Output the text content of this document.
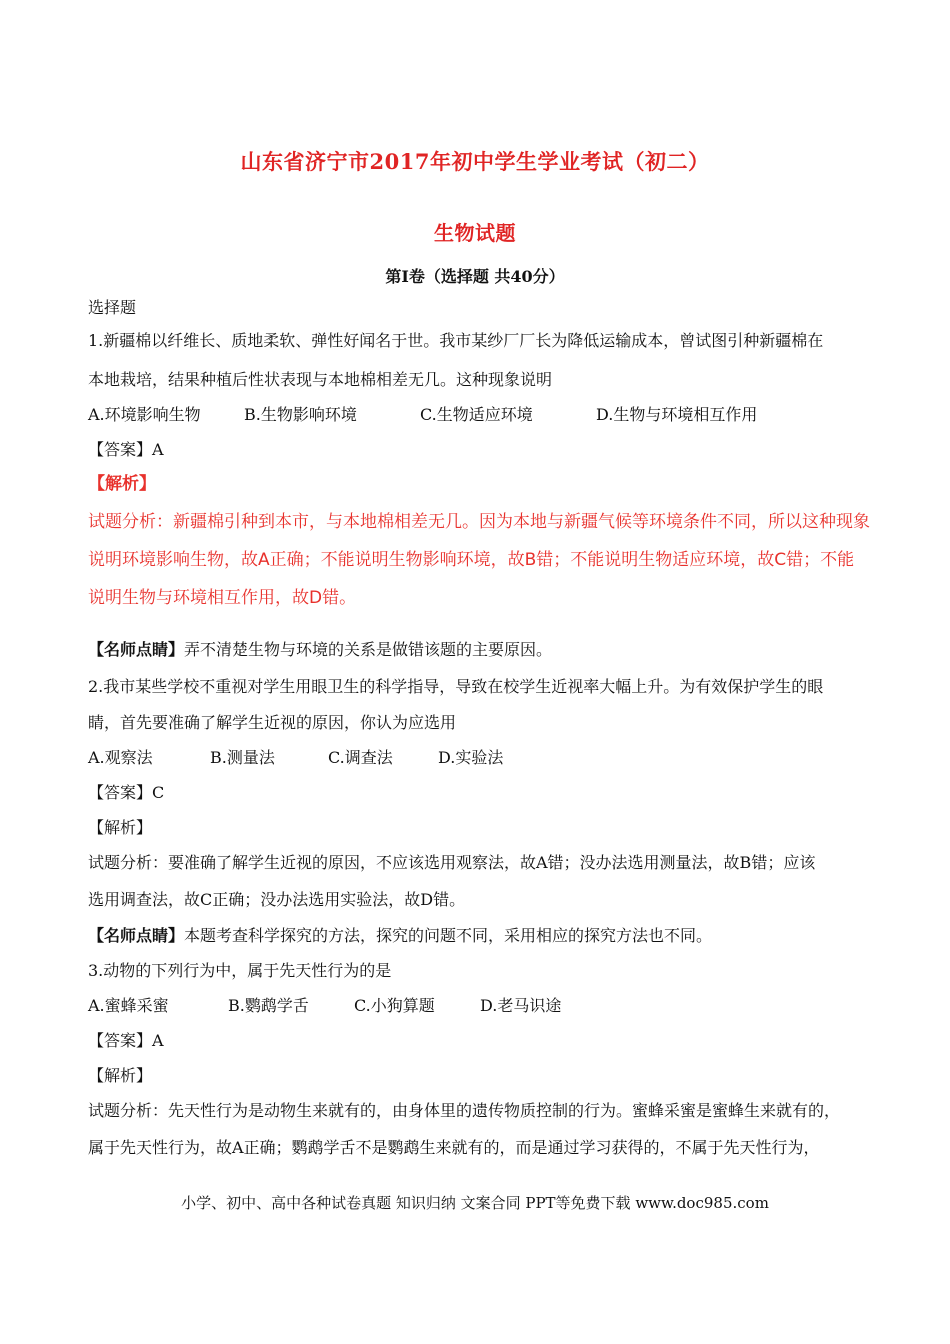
山东省济宁市2017年初中学生学业考试（初二）
生物试题
第Ⅰ卷（选择题 共40分）
选择题
1.新疆棉以纤维长、质地柔软、弹性好闻名于世。我市某纱厂厂长为降低运输成本，曾试图引种新疆棉在
本地栽培，结果种植后性状表现与本地棉相差无几。这种现象说明
A.环境影响生物	B.生物影响环境	C.生物适应环境	D.生物与环境相互作用
【答案】A
【解析】
试题分析：新疆棉引种到本市，与本地棉相差无几。因为本地与新疆气候等环境条件不同，所以这种现象
说明环境影响生物，故A正确；不能说明生物影响环境，故B错；不能说明生物适应环境，故C错；不能
说明生物与环境相互作用，故D错。
【名师点睛】弄不清楚生物与环境的关系是做错该题的主要原因。
2.我市某些学校不重视对学生用眼卫生的科学指导，导致在校学生近视率大幅上升。为有效保护学生的眼
睛，首先要准确了解学生近视的原因，你认为应选用
A.观察法	B.测量法	C.调查法	D.实验法
【答案】C
【解析】
试题分析：要准确了解学生近视的原因，不应该选用观察法，故A错；没办法选用测量法，故B错；应该
选用调查法，故C正确；没办法选用实验法，故D错。
【名师点睛】本题考查科学探究的方法，探究的问题不同，采用相应的探究方法也不同。
3.动物的下列行为中，属于先天性行为的是
A.蜜蜂采蜜	B.鹦鹉学舌	C.小狗算题	D.老马识途
【答案】A
【解析】
试题分析：先天性行为是动物生来就有的，由身体里的遗传物质控制的行为。蜜蜂采蜜是蜜蜂生来就有的，
属于先天性行为，故A正确；鹦鹉学舌不是鹦鹉生来就有的，而是通过学习获得的，不属于先天性行为，
小学、初中、高中各种试卷真题 知识归纳 文案合同 PPT等免费下载 www.doc985.com
